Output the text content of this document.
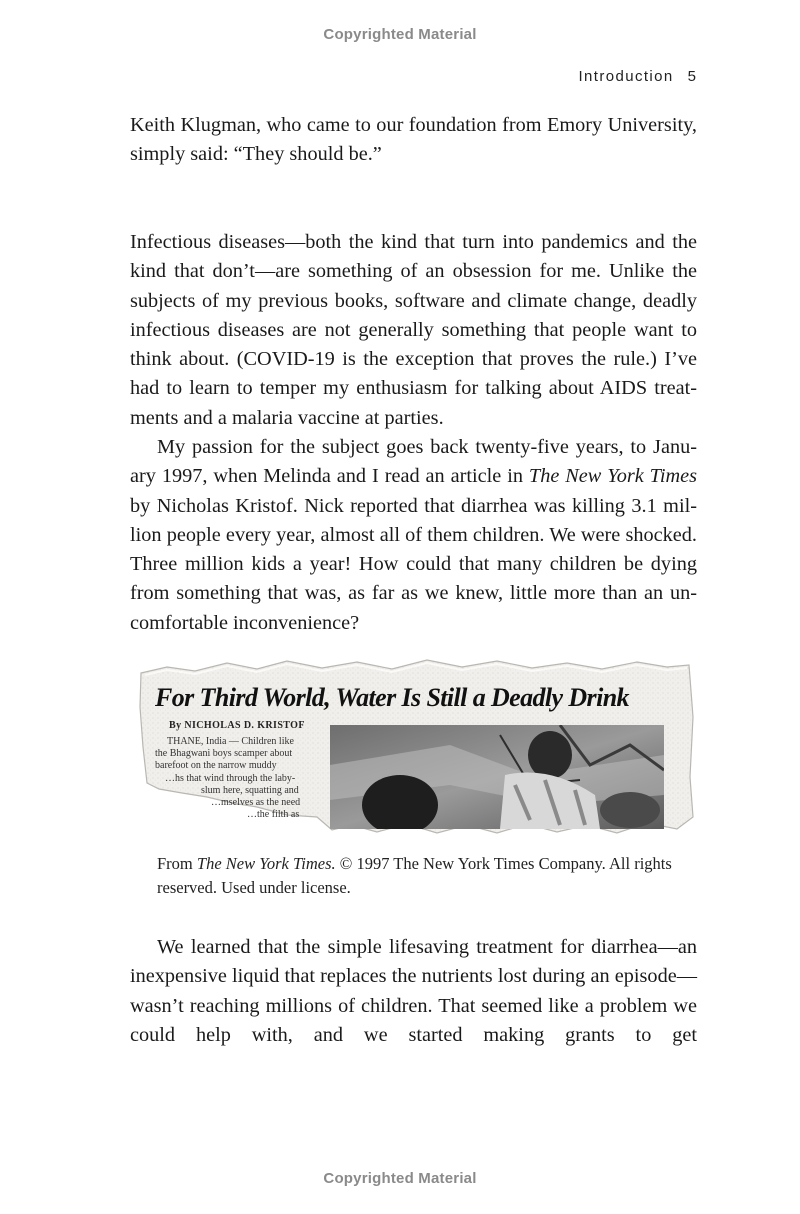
Copyrighted Material
Introduction 5

Keith Klugman, who came to our foundation from Emory University, simply said: “They should be.”

Infectious diseases—both the kind that turn into pandemics and the kind that don’t—are something of an obsession for me. Unlike the subjects of my previous books, software and climate change, deadly infectious diseases are not generally something that people want to think about. (COVID-19 is the exception that proves the rule.) I’ve had to learn to temper my enthusiasm for talking about AIDS treatments and a malaria vaccine at parties.

My passion for the subject goes back twenty-five years, to January 1997, when Melinda and I read an article in The New York Times by Nicholas Kristof. Nick reported that diarrhea was killing 3.1 million people every year, almost all of them children. We were shocked. Three million kids a year! How could that many children be dying from something that was, as far as we knew, little more than an uncomfortable inconvenience?

For Third World, Water Is Still a Deadly Drink
By NICHOLAS D. KRISTOF
THANE, India — Children like
the Bhagwani boys scamper about
barefoot on the narrow muddy
…hs that wind through the laby-
slum here, squatting and
…mselves as the need
…the filth as

From The New York Times. © 1997 The New York Times Company. All rights reserved. Used under license.

We learned that the simple lifesaving treatment for diarrhea—an inexpensive liquid that replaces the nutrients lost during an episode—wasn’t reaching millions of children. That seemed like a problem we could help with, and we started making grants to get

Copyrighted Material
